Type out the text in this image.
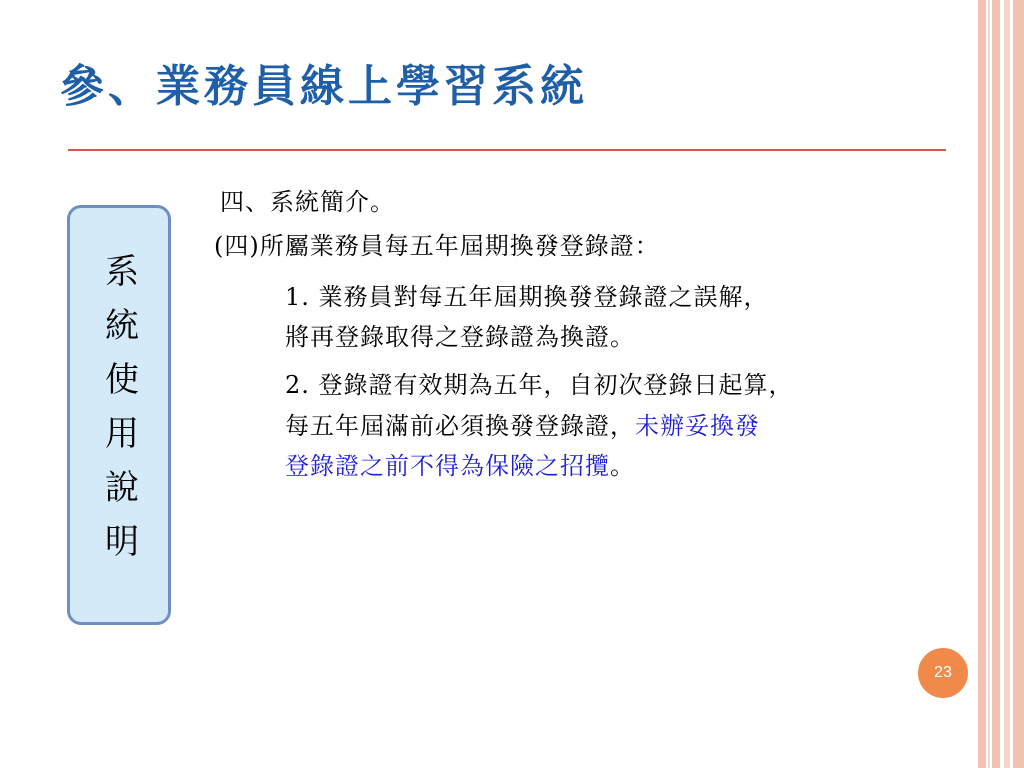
參、業務員線上學習系統
系統使用說明
四、系統簡介。
(四)所屬業務員每五年屆期換發登錄證：
1. 業務員對每五年屆期換發登錄證之誤解，
將再登錄取得之登錄證為換證。
2. 登錄證有效期為五年，自初次登錄日起算，
每五年屆滿前必須換發登錄證，未辦妥換發
登錄證之前不得為保險之招攬。
23
